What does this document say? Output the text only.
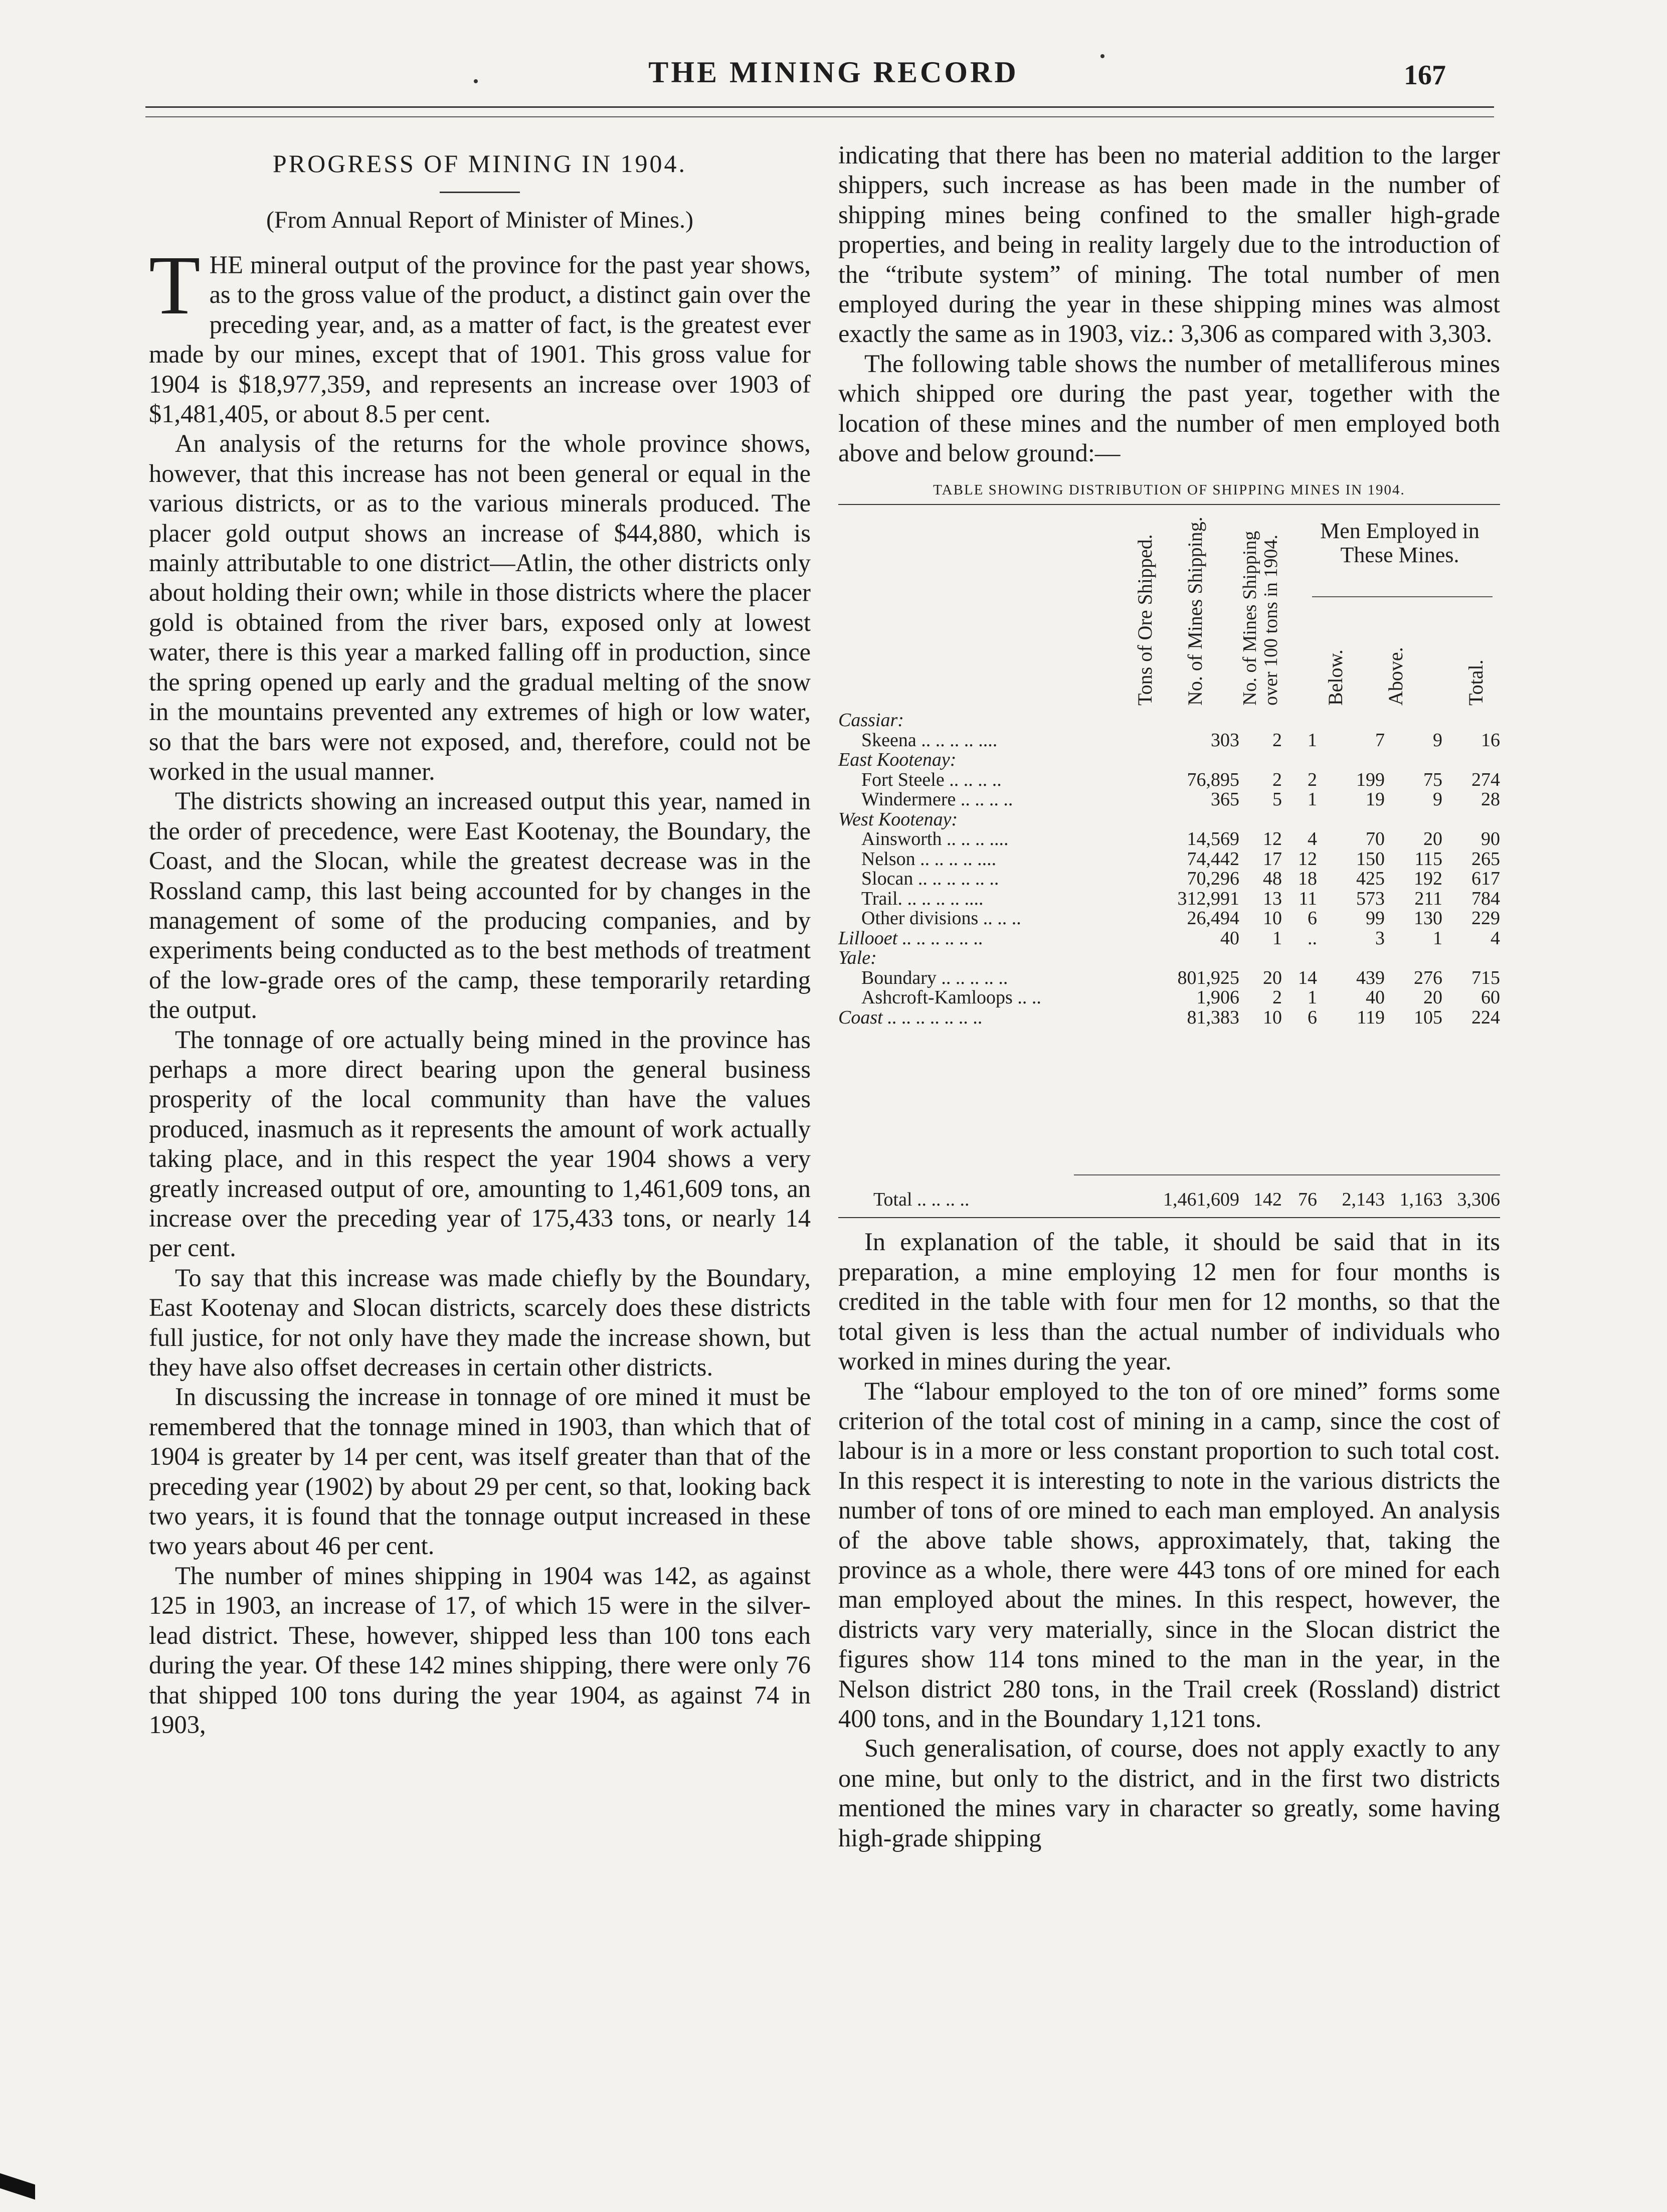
THE MINING RECORD	167
PROGRESS OF MINING IN 1904.
(From Annual Report of Minister of Mines.)

THE mineral output of the province for the past year shows, as to the gross value of the product, a distinct gain over the preceding year, and, as a matter of fact, is the greatest ever made by our mines, except that of 1901. This gross value for 1904 is $18,977,359, and represents an increase over 1903 of $1,481,405, or about 8.5 per cent.

An analysis of the returns for the whole province shows, however, that this increase has not been general or equal in the various districts, or as to the various minerals produced. The placer gold output shows an increase of $44,880, which is mainly attributable to one district—Atlin, the other districts only about holding their own; while in those districts where the placer gold is obtained from the river bars, exposed only at lowest water, there is this year a marked falling off in production, since the spring opened up early and the gradual melting of the snow in the mountains prevented any extremes of high or low water, so that the bars were not exposed, and, therefore, could not be worked in the usual manner.

The districts showing an increased output this year, named in the order of precedence, were East Kootenay, the Boundary, the Coast, and the Slocan, while the greatest decrease was in the Rossland camp, this last being accounted for by changes in the management of some of the producing companies, and by experiments being conducted as to the best methods of treatment of the low-grade ores of the camp, these temporarily retarding the output.

The tonnage of ore actually being mined in the province has perhaps a more direct bearing upon the general business prosperity of the local community than have the values produced, inasmuch as it represents the amount of work actually taking place, and in this respect the year 1904 shows a very greatly increased output of ore, amounting to 1,461,609 tons, an increase over the preceding year of 175,433 tons, or nearly 14 per cent.

To say that this increase was made chiefly by the Boundary, East Kootenay and Slocan districts, scarcely does these districts full justice, for not only have they made the increase shown, but they have also offset decreases in certain other districts.

In discussing the increase in tonnage of ore mined it must be remembered that the tonnage mined in 1903, than which that of 1904 is greater by 14 per cent, was itself greater than that of the preceding year (1902) by about 29 per cent, so that, looking back two years, it is found that the tonnage output increased in these two years about 46 per cent.

The number of mines shipping in 1904 was 142, as against 125 in 1903, an increase of 17, of which 15 were in the silver-lead district. These, however, shipped less than 100 tons each during the year. Of these 142 mines shipping, there were only 76 that shipped 100 tons during the year 1904, as against 74 in 1903,

indicating that there has been no material addition to the larger shippers, such increase as has been made in the number of shipping mines being confined to the smaller high-grade properties, and being in reality largely due to the introduction of the “tribute system” of mining. The total number of men employed during the year in these shipping mines was almost exactly the same as in 1903, viz.: 3,306 as compared with 3,303.

The following table shows the number of metalliferous mines which shipped ore during the past year, together with the location of these mines and the number of men employed both above and below ground:—

TABLE SHOWING DISTRIBUTION OF SHIPPING MINES IN 1904.
Tons of Ore Shipped. No. of Mines Shipping. No. of Mines Shipping over 100 tons in 1904.
Men Employed in These Mines.
Below. Above.	Total.
Cassiar:
Skeena .. .. .. .. ....	303 2 1	7	9 16
East Kootenay:
Fort Steele .. .. .. ..	76,895 2 2 199 75 274
Windermere .. .. .. ..	365 5 1	19	9 28
West Kootenay:
Ainsworth .. .. .. ....	14,569 12 4	70 20 90
Nelson .. .. .. .. ....	74,442 17 12 150 115 265
Slocan .. .. .. .. .. ..	70,296 48 18 425 192 617
Trail. .. .. .. .. ....	312,991 13 11 573 211 784
Other divisions .. .. ..	26,494 10 6	99 130 229
Lillooet .. .. .. .. .. ..	40 1 ..	3	1	4
Yale:
Boundary .. .. .. .. ..	801,925 20 14 439 276 715
Ashcroft-Kamloops .. ..	1,906 2 1	40 20 60
Coast .. .. .. .. .. .. ..	81,383 10 6 119 105 224
Total .. .. .. ..	1,461,609 142 76 2,143 1,163 3,306

In explanation of the table, it should be said that in its preparation, a mine employing 12 men for four months is credited in the table with four men for 12 months, so that the total given is less than the actual number of individuals who worked in mines during the year.

The “labour employed to the ton of ore mined” forms some criterion of the total cost of mining in a camp, since the cost of labour is in a more or less constant proportion to such total cost. In this respect it is interesting to note in the various districts the number of tons of ore mined to each man employed. An analysis of the above table shows, approximately, that, taking the province as a whole, there were 443 tons of ore mined for each man employed about the mines. In this respect, however, the districts vary very materially, since in the Slocan district the figures show 114 tons mined to the man in the year, in the Nelson district 280 tons, in the Trail creek (Rossland) district 400 tons, and in the Boundary 1,121 tons.

Such generalisation, of course, does not apply exactly to any one mine, but only to the district, and in the first two districts mentioned the mines vary in character so greatly, some having high-grade shipping
